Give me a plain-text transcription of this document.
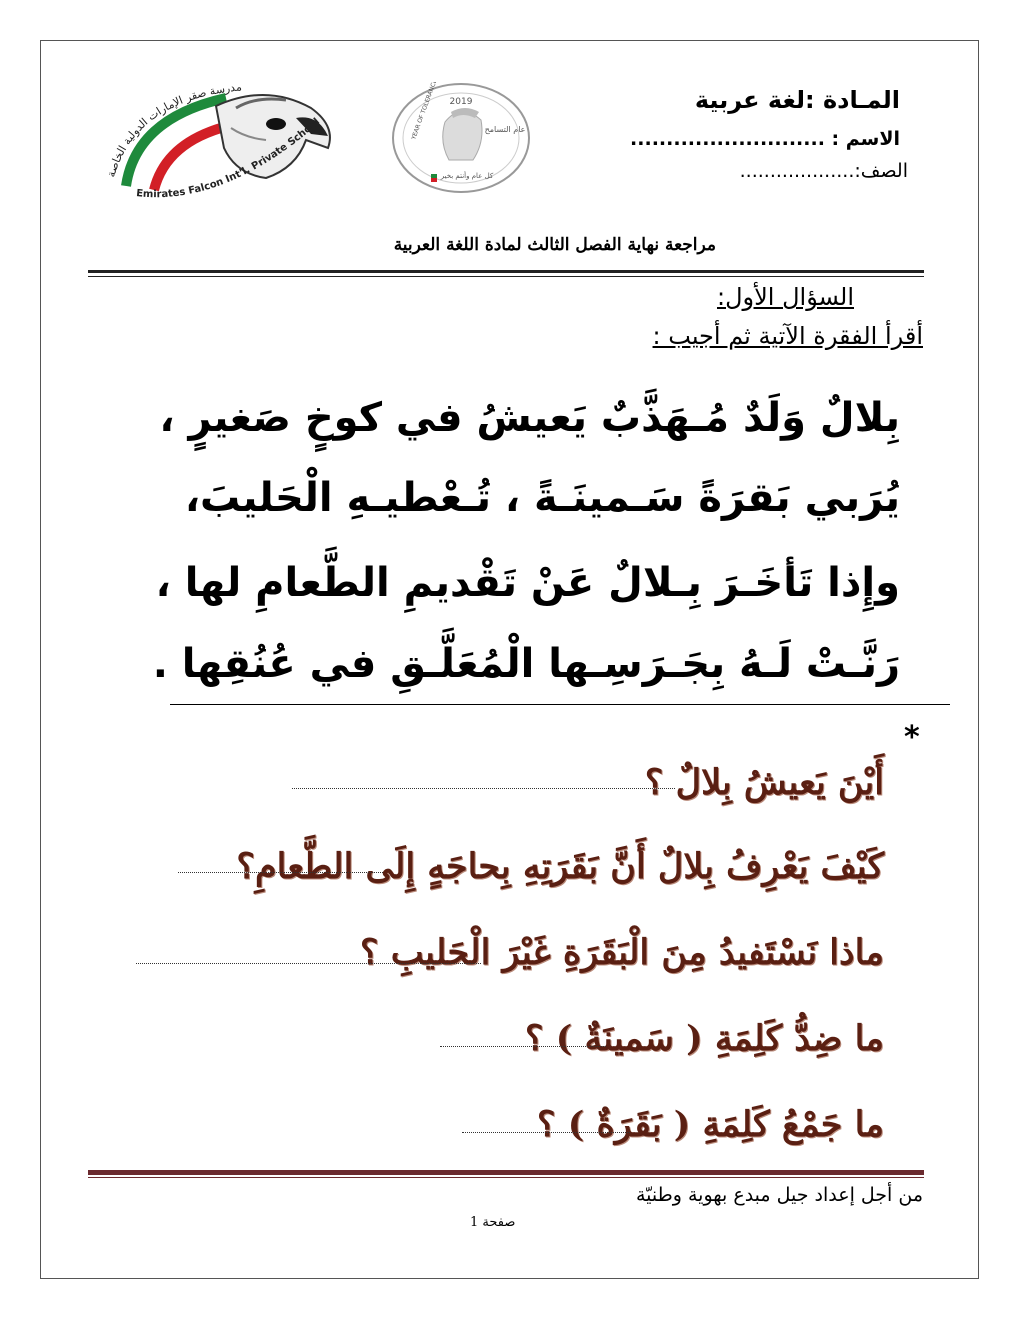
المـادة :لغة عربية
الاسم : ...........................
الصف:...................
مدرسة صقر الإمارات الدولية الخاصة
Emirates Falcon Int'l. Private School
2019
YEAR OF TOLERANCE	عام التسامح
كل عام وأنتم بخير
مراجعة نهاية الفصل الثالث لمادة اللغة العربية
السؤال الأول:
أقرأ الفقرة الآتية ثم أجيب :
بِلالٌ وَلَدٌ مُـهَذَّبٌ يَعيشُ في كوخٍ صَغيرٍ ،
يُرَبي بَقرَةً سَـمينَـةً ، تُـعْطيـهِ الْحَليبَ،
وإِذا تَأخَـرَ بِـلالٌ عَنْ تَقْديمِ الطَّعامِ لها ،
رَنَّـتْ لَـهُ بِجَـرَسِـها الْمُعَلَّـقِ في عُنُقِها .
*
أَيْنَ يَعيشُ بِلالٌ ؟
كَيْفَ يَعْرِفُ بِلالٌ أَنَّ بَقَرَتِهِ بِحاجَهٍ إِلَى الطَّعامِ؟
ماذا نَسْتَفيدُ مِنَ الْبَقَرَةِ غَيْرَ الْحَليبِ ؟
ما ضِدُّ كَلِمَةِ ( سَمينَةٌ ) ؟
ما جَمْعُ كَلِمَةِ ( بَقَرَةٌ ) ؟
من أجل إعداد جيل مبدع بهوية وطنيّة
صفحة 1
